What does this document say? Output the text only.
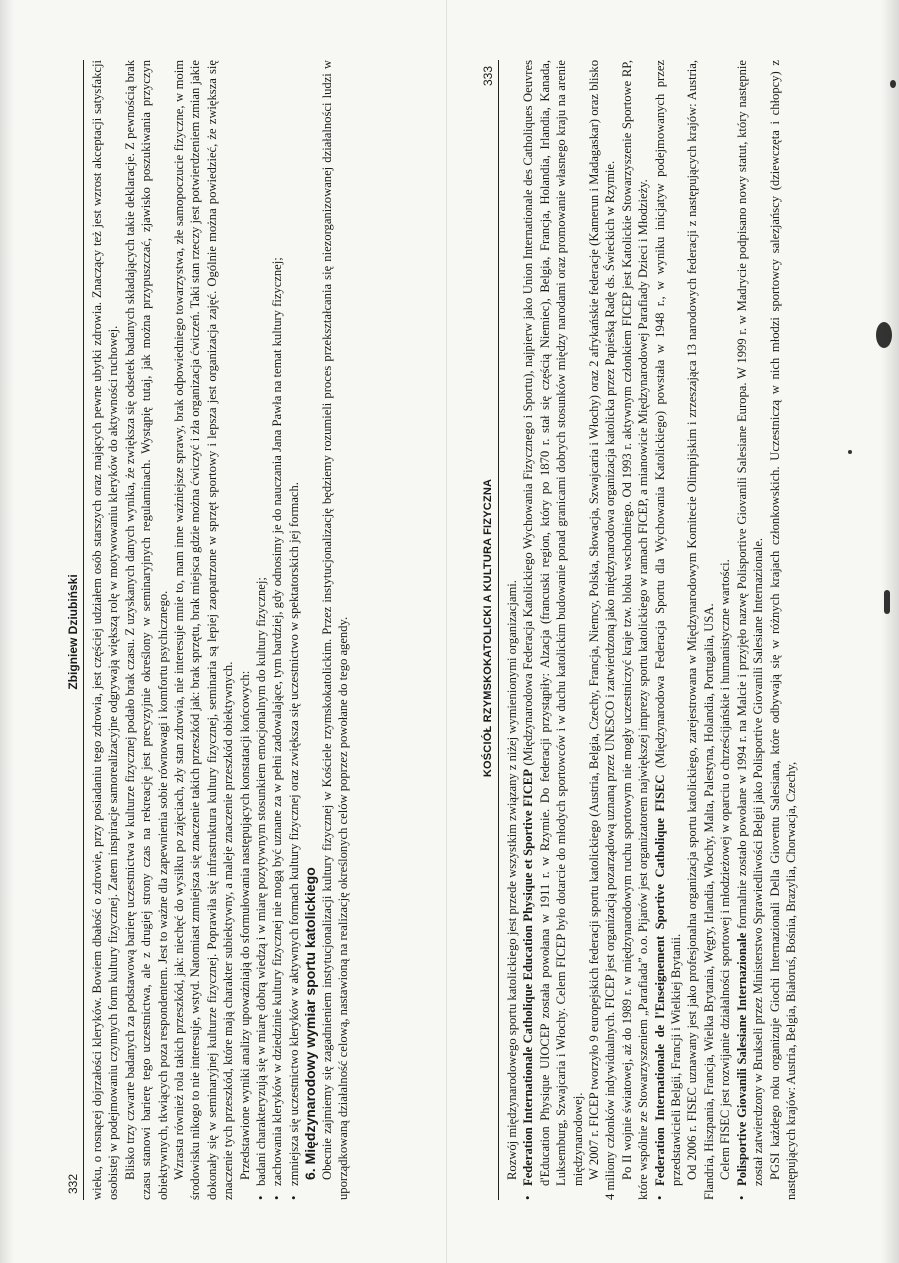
332
Zbigniew Dziubiński wieku, o rosnącej dojrzałości kleryków. Bowiem dbałość o zdrowie, przy posiadaniu tego zdrowia, jest częściej udziałem osób starszych oraz mających pewne ubytki zdrowia. Znaczący też jest wzrost akceptacji satysfakcji osobistej w podejmowaniu czynnych form kultury fizycznej. Zatem inspiracje samorealizacyjne odgrywają większą rolę w motywowaniu kleryków do aktywności ruchowej. Blisko trzy czwarte badanych za podstawową barierę uczestnictwa w kulturze fizycznej podało brak czasu. Z uzyskanych danych wynika, że zwiększa się odsetek badanych składających takie deklaracje. Z pewnością brak czasu stanowi barierę tego uczestnictwa, ale z drugiej strony czas na rekreację jest precyzyjnie określony w seminaryjnych regulaminach. Wystąpię tutaj, jak można przypuszczać, zjawisko poszukiwania przyczyn obiektywnych, tkwiących poza respondentem. Jest to ważne dla zapewnienia sobie równowagi i komfortu psychicznego. Wzrasta również rola takich przeszkód, jak: niechęć do wysiłku po zajęciach, zły stan zdrowia, nie interesuje mnie to, mam inne ważniejsze sprawy, brak odpowiedniego towarzystwa, złe samopoczucie fizyczne, w moim środowisku nikogo to nie interesuje, wstyd. Natomiast zmniejsza się znaczenie takich przeszkód jak: brak sprzętu, brak miejsca gdzie można ćwiczyć i zła organizacja ćwiczeń. Taki stan rzeczy jest potwierdzeniem zmian jakie dokonały się w seminaryjnej kulturze fizycznej. Poprawiła się infrastruktura kultury fizycznej, seminaria są lepiej zaopatrzone w sprzęt sportowy i lepsza jest organizacja zajęć. Ogólnie można powiedzieć, że zwiększa się znaczenie tych przeszkód, które mają charakter subiektywny, a maleje znaczenie przeszkód obiektywnych. Przedstawione wyniki analizy upoważniają do sformułowania następujących konstatacji końcowych: • badani charakteryzują się w miarę dobrą wiedzą i w miarę pozytywnym stosunkiem emocjonalnym do kultury fizycznej; • zachowania kleryków w dziedzinie kultury fizycznej nie mogą być uznane za w pełni zadowalające, tym bardziej, gdy odnosimy je do nauczania Jana Pawła na temat kultury fizycznej; • zmniejsza się uczestnictwo kleryków w aktywnych formach kultury fizycznej oraz zwiększa się uczestnictwo w spektatorskich jej formach. 6. Międzynarodowy wymiar sportu katolickiego Obecnie zajmiemy się zagadnieniem instytucjonalizacji kultury fizycznej w Kościele rzymskokatolickim. Przez instytucjonalizację będziemy rozumieli proces przekształcania się niezorganizowanej działalności ludzi w uporządkowaną działalność celową, nastawioną na realizację określonych celów poprzez powołane do tego agendy.	KOŚCIÓŁ RZYMSKOKATOLICKI A KULTURA FIZYCZNA
333

Rozwój międzynarodowego sportu katolickiego jest przede wszystkim związany z niżej wymienionymi organizacjami. • Federation Internationale Catholique Education Physique et Sportive FICEP (Międzynarodowa Federacja Katolickiego Wychowania Fizycznego i Sportu), najpierw jako Union Internationale des Catholiques Oeuvres d'Education Physique UIOCEP została powołana w 1911 r. w Rzymie. Do federacji przystąpiły: Alzacja (francuski region, który po 1870 r. stał się częścią Niemiec), Belgia, Francja, Holandia, Irlandia, Kanada, Luksemburg, Szwajcaria i Włochy. Celem FICEP było dotarcie do młodych sportowców i w duchu katolickim budowanie ponad granicami dobrych stosunków między narodami oraz promowanie własnego kraju na arenie międzynarodowej. W 2007 r. FICEP tworzyło 9 europejskich federacji sportu katolickiego (Austria, Belgia, Czechy, Francja, Niemcy, Polska, Słowacja, Szwajcaria i Włochy) oraz 2 afrykańskie federacje (Kamerun i Madagaskar) oraz blisko 4 miliony członków indywidualnych. FICEP jest organizacją pozarządową uznaną przez UNESCO i zatwierdzoną jako międzynarodowa organizacja katolicka przez Papieską Radę ds. Świeckich w Rzymie. Po II wojnie światowej, aż do 1989 r. w międzynarodowym ruchu sportowym nie mogły uczestniczyć kraje tzw. bloku wschodniego. Od 1993 r. aktywnym członkiem FICEP jest Katolickie Stowarzyszenie Sportowe RP, które wspólnie ze Stowarzyszeniem „Parafiada” o.o. Pijarów jest organizatorem największej imprezy sportu katolickiego w ramach FICEP, a mianowicie Międzynarodowej Parafiady Dzieci i Młodzieży. • Federation Internationale de l'Enseignement Sportive Catholique FISEC (Międzynarodowa Federacja Sportu dla Wychowania Katolickiego) powstała w 1948 r., w wyniku inicjatyw podejmowanych przez przedstawicieli Belgii, Francji i Wielkiej Brytanii. Od 2006 r. FISEC uznawany jest jako profesjonalna organizacja sportu katolickiego, zarejestrowana w Międzynarodowym Komitecie Olimpijskim i zrzeszająca 13 narodowych federacji z następujących krajów: Austria, Flandria, Hiszpania, Francja, Wielka Brytania, Węgry, Irlandia, Włochy, Malta, Palestyna, Holandia, Portugalia, USA. Celem FISEC jest rozwijanie działalności sportowej i młodzieżowej w oparciu o chrześcijańskie i humanistyczne wartości. • Polisportive Giovanili Salesiane Internazionale formalnie zostało powołane w 1994 r. na Malcie i przyjęło nazwę Polisportive Giovanili Salesiane Europa. W 1999 r. w Madrycie podpisano nowy statut, który następnie został zatwierdzony w Brukseli przez Ministerstwo Sprawiedliwości Belgii jako Polisportive Giovanili Salesiane Internazionale. PGSI każdego roku organizuje Giochi Internazionali Della Gioventu Salesiana, które odbywają się w różnych krajach członkowskich. Uczestniczą w nich młodzi sportowcy salezjańscy (dziewczęta i chłopcy) z następujących krajów: Austria, Belgia, Białoruś, Bośnia, Brazylia, Chorwacja, Czechy,
